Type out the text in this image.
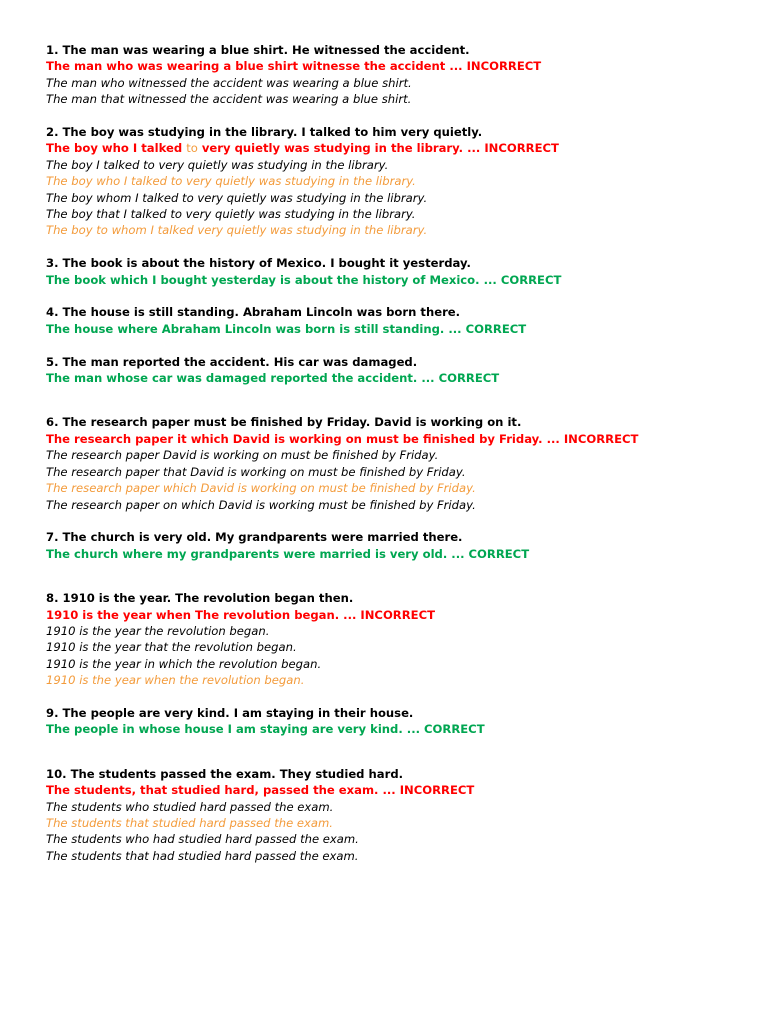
1. The man was wearing a blue shirt. He witnessed the accident.
The man who was wearing a blue shirt witnesse the accident ... INCORRECT
The man who witnessed the accident was wearing a blue shirt.
The man that witnessed the accident was wearing a blue shirt.
2. The boy was studying in the library. I talked to him very quietly.
The boy who I talked to very quietly was studying in the library. ... INCORRECT
The boy I talked to very quietly was studying in the library.
The boy who I talked to very quietly was studying in the library.
The boy whom I talked to very quietly was studying in the library.
The boy that I talked to very quietly was studying in the library.
The boy to whom I talked very quietly was studying in the library.
3. The book is about the history of Mexico. I bought it yesterday.
The book which I bought yesterday is about the history of Mexico. ... CORRECT
4. The house is still standing. Abraham Lincoln was born there.
The house where Abraham Lincoln was born is still standing. ... CORRECT
5. The man reported the accident. His car was damaged.
The man whose car was damaged reported the accident. ... CORRECT
6. The research paper must be finished by Friday. David is working on it.
The research paper it which David is working on must be finished by Friday. ... INCORRECT
The research paper David is working on must be finished by Friday.
The research paper that David is working on must be finished by Friday.
The research paper which David is working on must be finished by Friday.
The research paper on which David is working must be finished by Friday.
7. The church is very old. My grandparents were married there.
The church where my grandparents were married is very old. ... CORRECT
8. 1910 is the year. The revolution began then.
1910 is the year when The revolution began. ... INCORRECT
1910 is the year the revolution began.
1910 is the year that the revolution began.
1910 is the year in which the revolution began.
1910 is the year when the revolution began.
9. The people are very kind. I am staying in their house.
The people in whose house I am staying are very kind. ... CORRECT
10. The students passed the exam. They studied hard.
The students, that studied hard, passed the exam. ... INCORRECT
The students who studied hard passed the exam.
The students that studied hard passed the exam.
The students who had studied hard passed the exam.
The students that had studied hard passed the exam.
